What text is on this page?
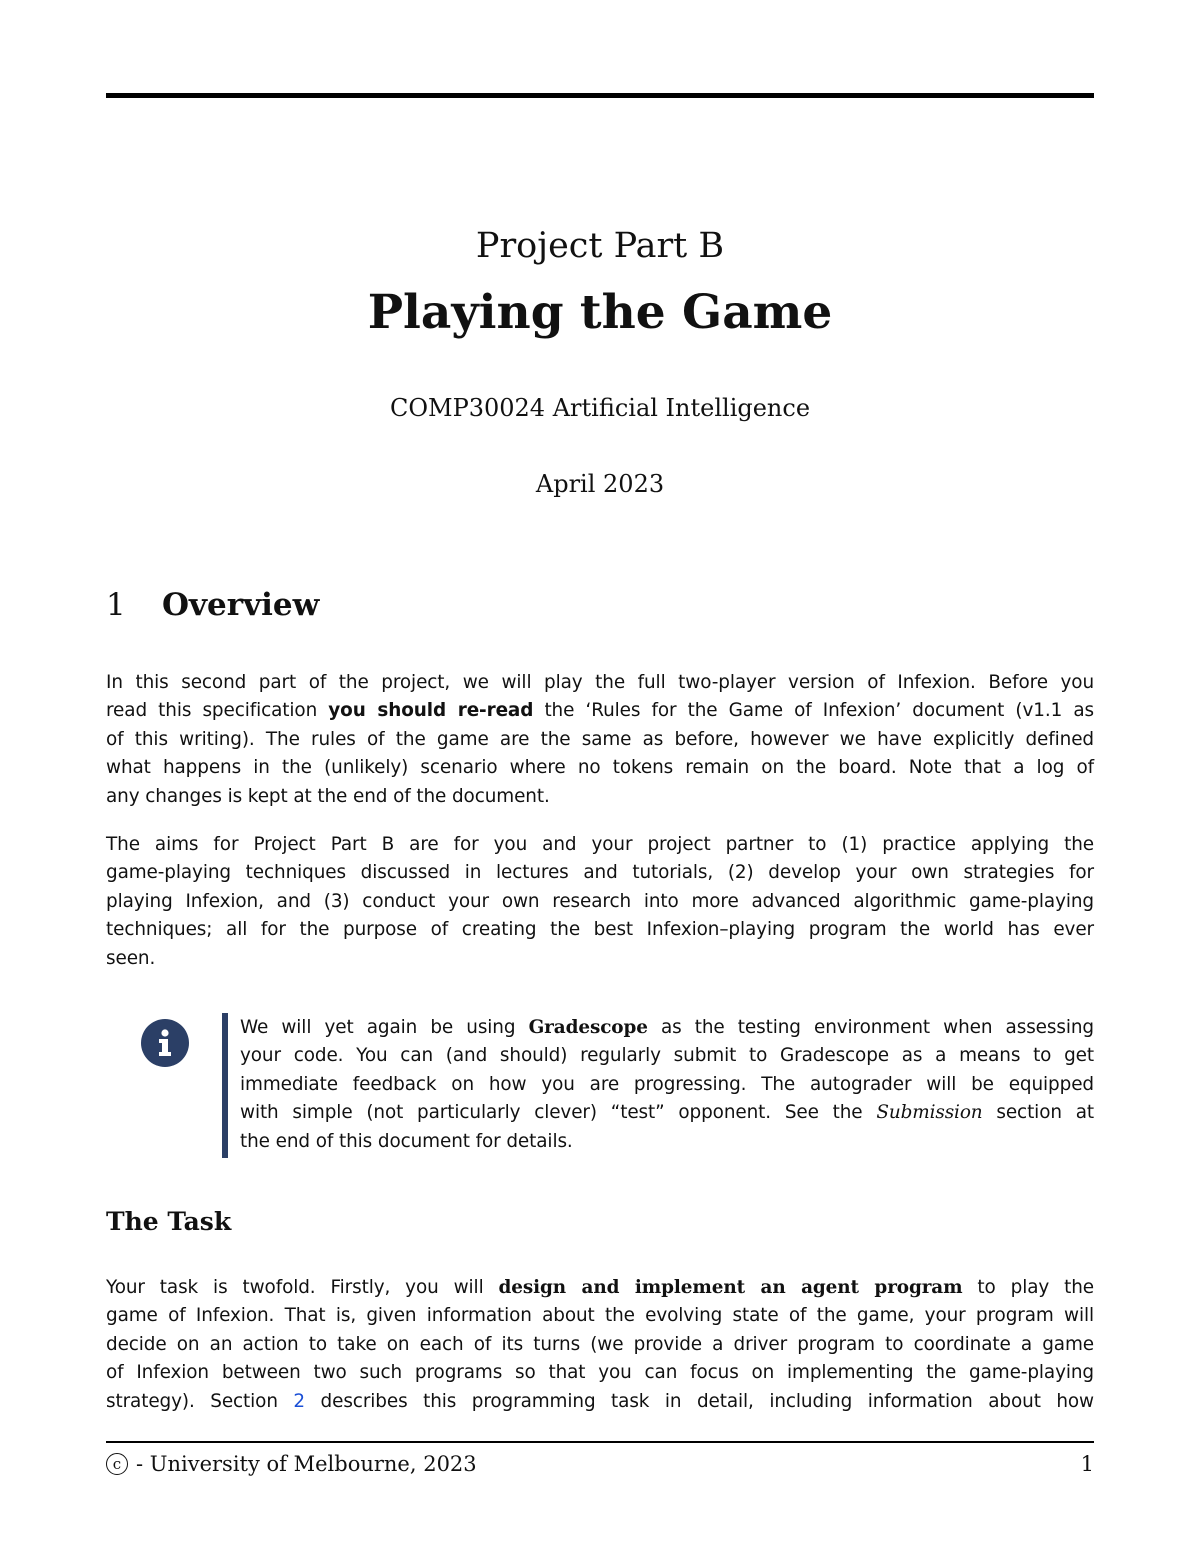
Project Part B
Playing the Game
COMP30024 Artificial Intelligence
April 2023
1 Overview
In this second part of the project, we will play the full two-player version of Infexion. Before you
read this specification you should re-read the ‘Rules for the Game of Infexion’ document (v1.1 as
of this writing). The rules of the game are the same as before, however we have explicitly defined
what happens in the (unlikely) scenario where no tokens remain on the board. Note that a log of
any changes is kept at the end of the document.
The aims for Project Part B are for you and your project partner to (1) practice applying the
game-playing techniques discussed in lectures and tutorials, (2) develop your own strategies for
playing Infexion, and (3) conduct your own research into more advanced algorithmic game-playing
techniques; all for the purpose of creating the best Infexion–playing program the world has ever
seen.
We will yet again be using Gradescope as the testing environment when assessing
your code. You can (and should) regularly submit to Gradescope as a means to get
immediate feedback on how you are progressing. The autograder will be equipped
with simple (not particularly clever) “test” opponent. See the Submission section at
the end of this document for details.
The Task
Your task is twofold. Firstly, you will design and implement an agent program to play the
game of Infexion. That is, given information about the evolving state of the game, your program will
decide on an action to take on each of its turns (we provide a driver program to coordinate a game
of Infexion between two such programs so that you can focus on implementing the game-playing
strategy). Section 2 describes this programming task in detail, including information about how
c - University of Melbourne, 2023	1
